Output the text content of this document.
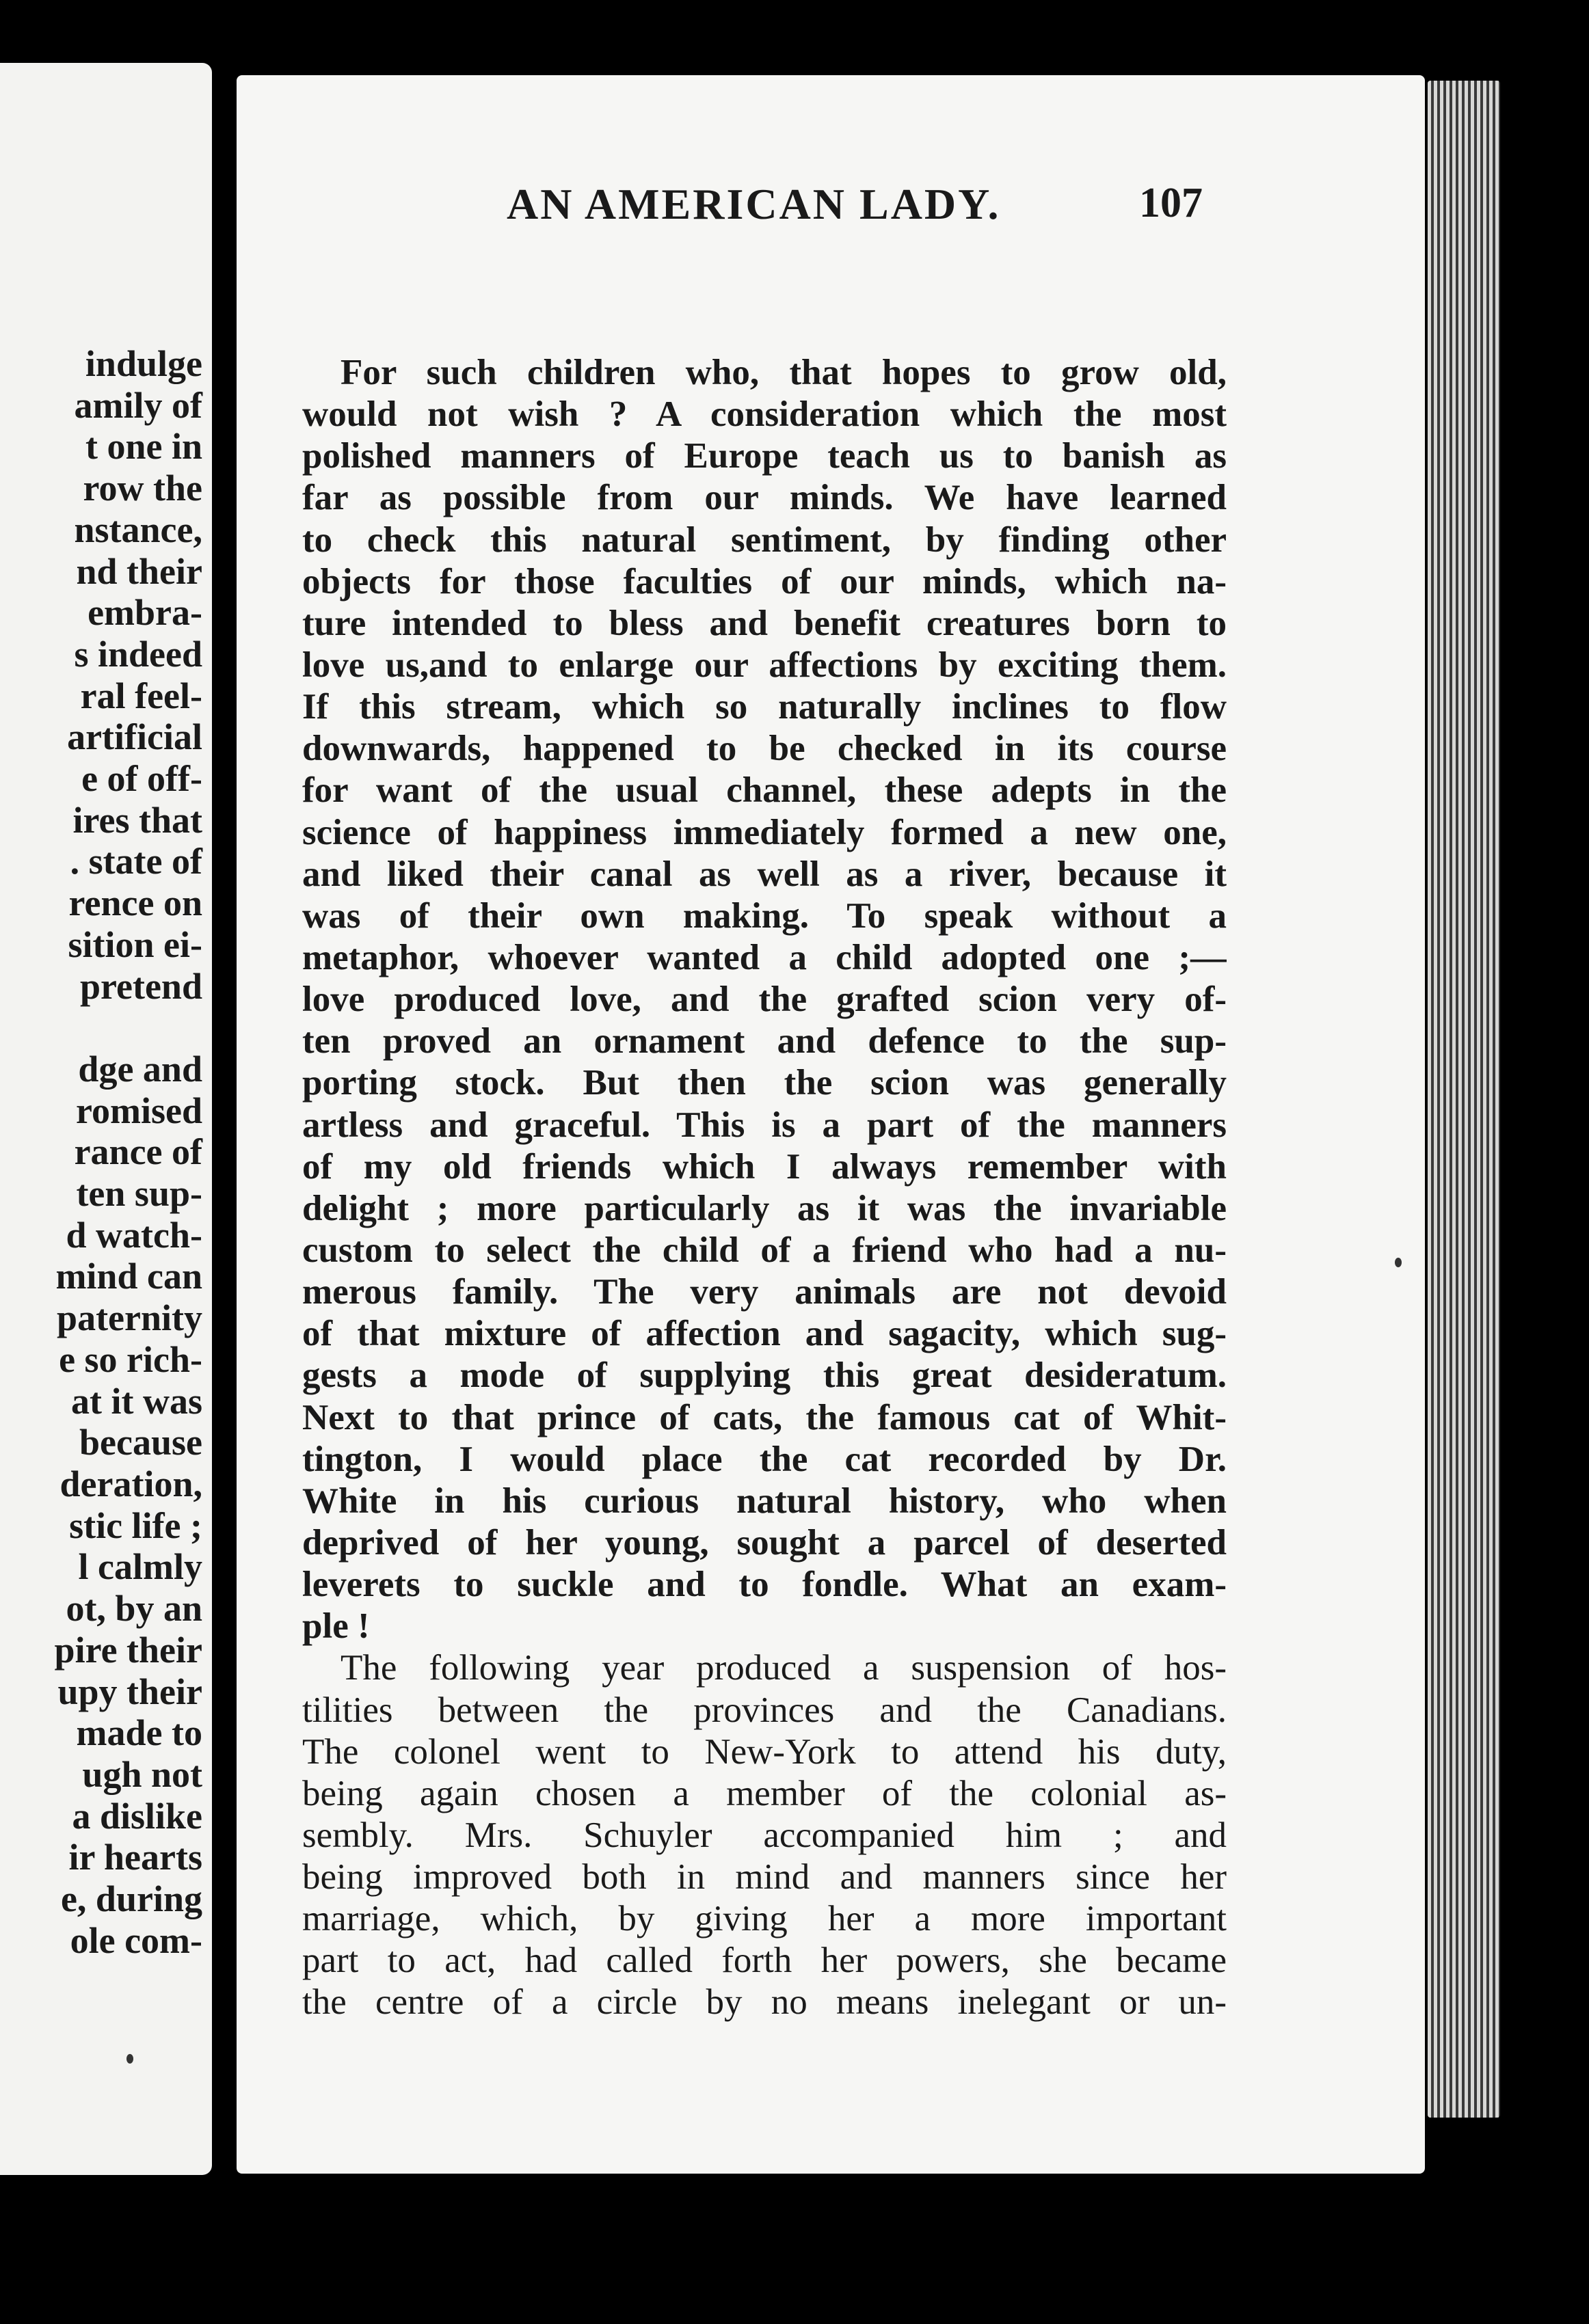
indulge
amily of
t one in
row the
nstance,
nd their
embra-
s indeed
ral feel-
artificial
e of off-
ires that
. state of
rence on
sition ei-
pretend

dge and
romised
rance of
ten sup-
d watch-
mind can
paternity
e so rich-
at it was
because
deration,
stic life ;
l calmly
ot, by an
pire their
upy their
made to
ugh not
a dislike
ir hearts
e, during
ole com-
AN AMERICAN LADY.	107
For such children who, that hopes to grow old,
would not wish ? A consideration which the most
polished manners of Europe teach us to banish as
far as possible from our minds. We have learned
to check this natural sentiment, by finding other
objects for those faculties of our minds, which na-
ture intended to bless and benefit creatures born to
love us,and to enlarge our affections by exciting them.
If this stream, which so naturally inclines to flow
downwards, happened to be checked in its course
for want of the usual channel, these adepts in the
science of happiness immediately formed a new one,
and liked their canal as well as a river, because it
was of their own making. To speak without a
metaphor, whoever wanted a child adopted one ;—
love produced love, and the grafted scion very of-
ten proved an ornament and defence to the sup-
porting stock. But then the scion was generally
artless and graceful. This is a part of the manners
of my old friends which I always remember with
delight ; more particularly as it was the invariable
custom to select the child of a friend who had a nu-
merous family. The very animals are not devoid
of that mixture of affection and sagacity, which sug-
gests a mode of supplying this great desideratum.
Next to that prince of cats, the famous cat of Whit-
tington, I would place the cat recorded by Dr.
White in his curious natural history, who when
deprived of her young, sought a parcel of deserted
leverets to suckle and to fondle. What an exam-
ple !
The following year produced a suspension of hos-
tilities between the provinces and the Canadians.
The colonel went to New-York to attend his duty,
being again chosen a member of the colonial as-
sembly. Mrs. Schuyler accompanied him ; and
being improved both in mind and manners since her
marriage, which, by giving her a more important
part to act, had called forth her powers, she became
the centre of a circle by no means inelegant or un-
